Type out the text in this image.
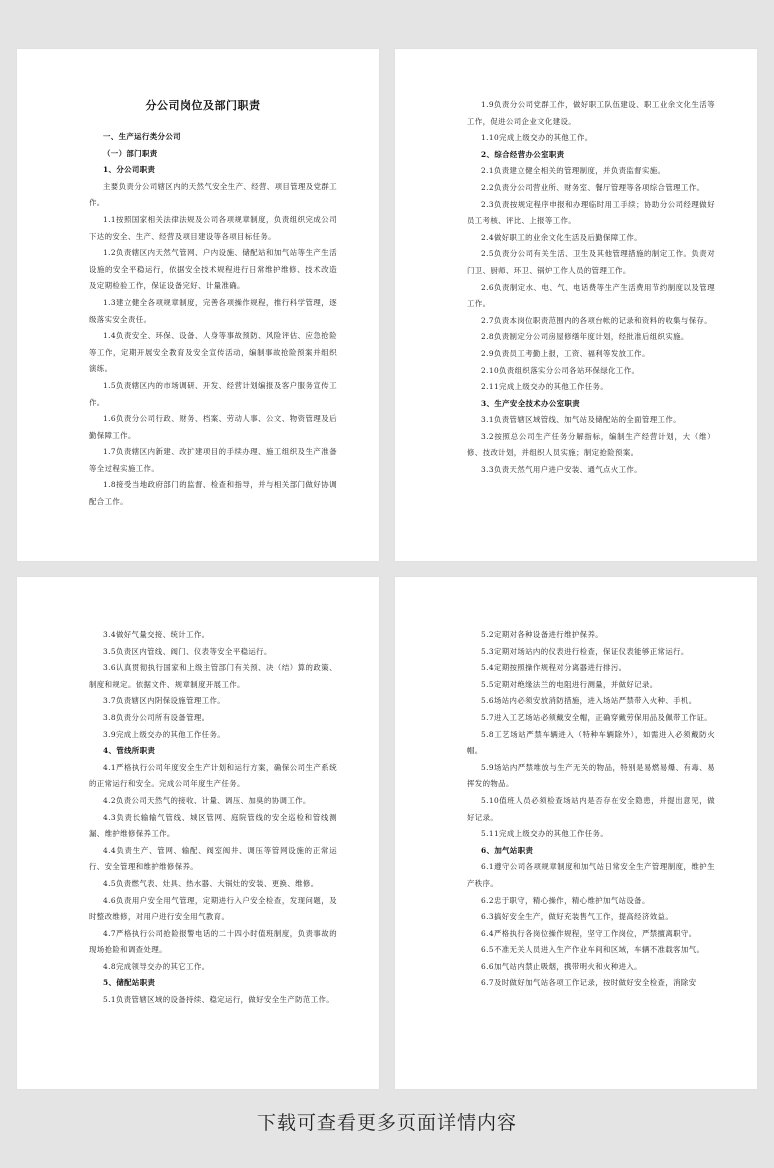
分公司岗位及部门职责

一、生产运行类分公司

（一）部门职责

1、分公司职责

主要负责分公司辖区内的天然气安全生产、经营、项目管理及党群工作。

1.1按照国家相关法律法规及公司各项规章制度，负责组织完成公司下达的安全、生产、经营及项目建设等各项目标任务。

1.2负责辖区内天然气管网、户内设施、储配站和加气站等生产生活设施的安全平稳运行，依据安全技术规程进行日常维护维修、技术改造及定期检验工作，保证设备完好、计量准确。

1.3建立健全各项规章制度，完善各项操作规程，推行科学管理，逐级落实安全责任。

1.4负责安全、环保、设备、人身等事故预防、风险评估、应急抢险等工作，定期开展安全教育及安全宣传活动，编制事故抢险预案并组织演练。

1.5负责辖区内的市场调研、开发、经营计划编报及客户服务宣传工作。

1.6负责分公司行政、财务、档案、劳动人事、公文、物资管理及后勤保障工作。

1.7负责辖区内新建、改扩建项目的手续办理、施工组织及生产准备等全过程实施工作。

1.8接受当地政府部门的监督、检查和指导，并与相关部门做好协调配合工作。

1.9负责分公司党群工作，做好职工队伍建设、职工业余文化生活等工作，促进公司企业文化建设。

1.10完成上级交办的其他工作。

2、综合经营办公室职责

2.1负责建立健全相关的管理制度，并负责监督实施。

2.2负责分公司营业所、财务室、餐厅管理等各项综合管理工作。

2.3负责按规定程序申报和办理临时用工手续；协助分公司经理做好员工考核、评比、上报等工作。

2.4做好职工的业余文化生活及后勤保障工作。

2.5负责分公司有关生活、卫生及其他管理措施的制定工作。负责对门卫、厨师、环卫、锅炉工作人员的管理工作。

2.6负责制定水、电、气、电话费等生产生活费用节约制度以及管理工作。

2.7负责本岗位职责范围内的各项台帐的记录和资料的收集与保存。

2.8负责制定分公司房屋修缮年度计划，经批准后组织实施。

2.9负责员工考勤上报，工资、福利等发放工作。

2.10负责组织落实分公司各站环保绿化工作。

2.11完成上级交办的其他工作任务。

3、生产安全技术办公室职责

3.1负责管辖区域管线、加气站及储配站的全面管理工作。

3.2按照总公司生产任务分解指标，编制生产经营计划，大（维）修、技改计划，并组织人员实施；制定抢险预案。

3.3负责天然气用户进户安装、通气点火工作。

3.4做好气量交接、统计工作。

3.5负责区内管线、阀门、仪表等安全平稳运行。

3.6认真贯彻执行国家和上级主管部门有关预、决（结）算的政策、制度和规定。依据文件、规章制度开展工作。

3.7负责辖区内阴保设施管理工作。

3.8负责分公司所有设备管理。

3.9完成上级交办的其他工作任务。

4、管线所职责

4.1严格执行公司年度安全生产计划和运行方案，确保公司生产系统的正常运行和安全。完成公司年度生产任务。

4.2负责公司天然气的接收、计量、调压、加臭的协调工作。

4.3负责长输输气管线、城区管网、庭院管线的安全巡检和管线测漏、维护维修保养工作。

4.4负责生产、管网、输配、阀室阀井、调压等管网设施的正常运行、安全管理和维护维修保养。

4.5负责燃气表、灶具、热水器、大锅灶的安装、更换、维修。

4.6负责用户安全用气管理，定期进行入户安全检查，发现问题，及时整改维修，对用户进行安全用气教育。

4.7严格执行公司抢险报警电话的二十四小时值班制度，负责事故的现场抢险和调查处理。

4.8完成领导交办的其它工作。

5、储配站职责

5.1负责管辖区域的设备持续、稳定运行，做好安全生产防范工作。

5.2定期对各种设备进行维护保养。

5.3定期对场站内的仪表进行检查，保证仪表能够正常运行。

5.4定期按照操作规程对分离器进行排污。

5.5定期对绝缘法兰的电阻进行测量，并做好记录。

5.6场站内必须安放消防措施，进入场站严禁带入火种、手机。

5.7进入工艺场站必须戴安全帽，正确穿戴劳保用品及佩带工作证。

5.8工艺场站严禁车辆进入（特种车辆除外），如需进入必须戴防火帽。

5.9场站内严禁堆放与生产无关的物品，特别是易燃易爆、有毒、易挥发的物品。

5.10值班人员必须检查场站内是否存在安全隐患，并提出意见，做好记录。

5.11完成上级交办的其他工作任务。

6、加气站职责

6.1遵守公司各项规章制度和加气站日常安全生产管理制度，维护生产秩序。

6.2忠于职守，精心操作，精心维护加气站设备。

6.3搞好安全生产，做好充装售气工作，提高经济效益。

6.4严格执行各岗位操作规程，坚守工作岗位，严禁擅离职守。

6.5不准无关人员进入生产作业车间和区域，车辆不准载客加气。

6.6加气站内禁止吸烟，携带明火和火种进入。

6.7及时做好加气站各项工作记录，按时做好安全检查，消除安

下载可查看更多页面详情内容
